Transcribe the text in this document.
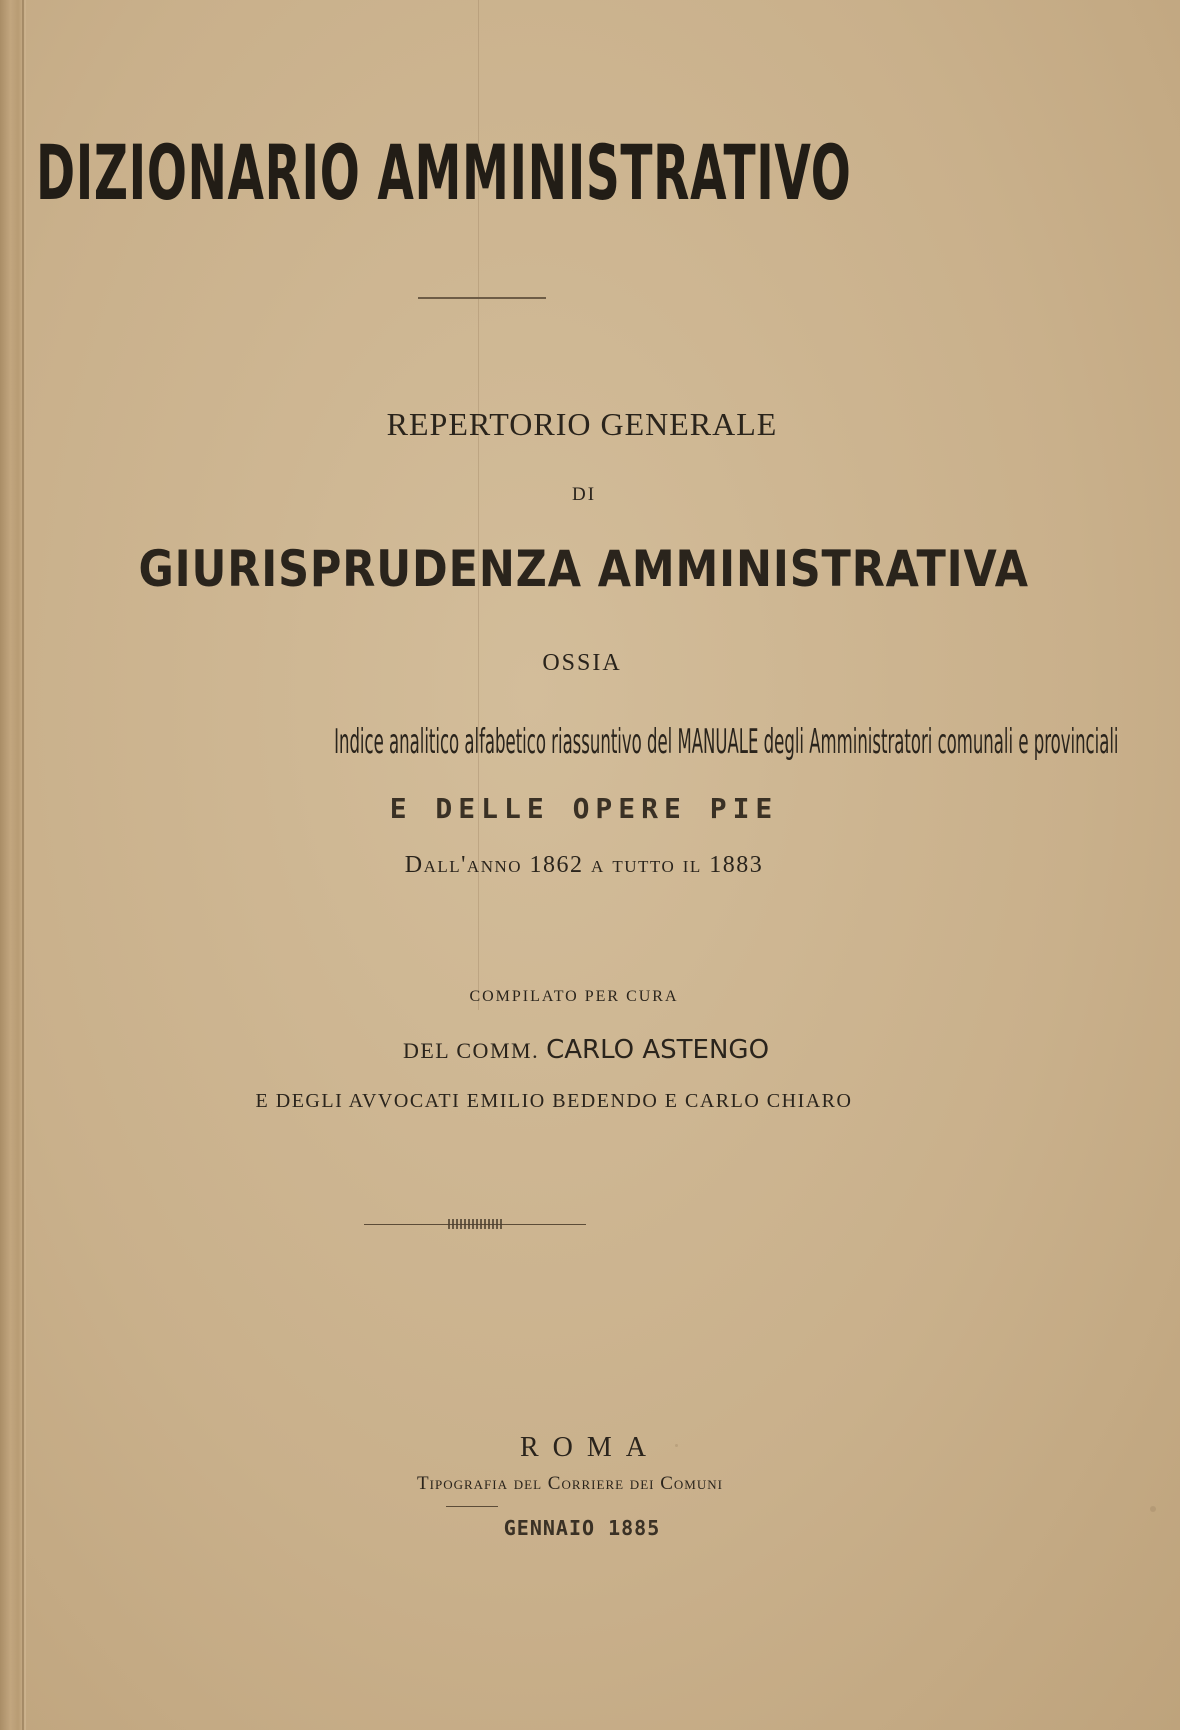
DIZIONARIO AMMINISTRATIVO
REPERTORIO GENERALE
DI
GIURISPRUDENZA AMMINISTRATIVA
OSSIA
Indice analitico alfabetico riassuntivo del MANUALE degli Amministratori comunali e provinciali
E DELLE OPERE PIE
Dall'anno 1862 a tutto il 1883
COMPILATO PER CURA
DEL COMM. CARLO ASTENGO
E DEGLI AVVOCATI EMILIO BEDENDO E CARLO CHIARO
ROMA
Tipografia del Corriere dei Comuni
GENNAIO 1885
